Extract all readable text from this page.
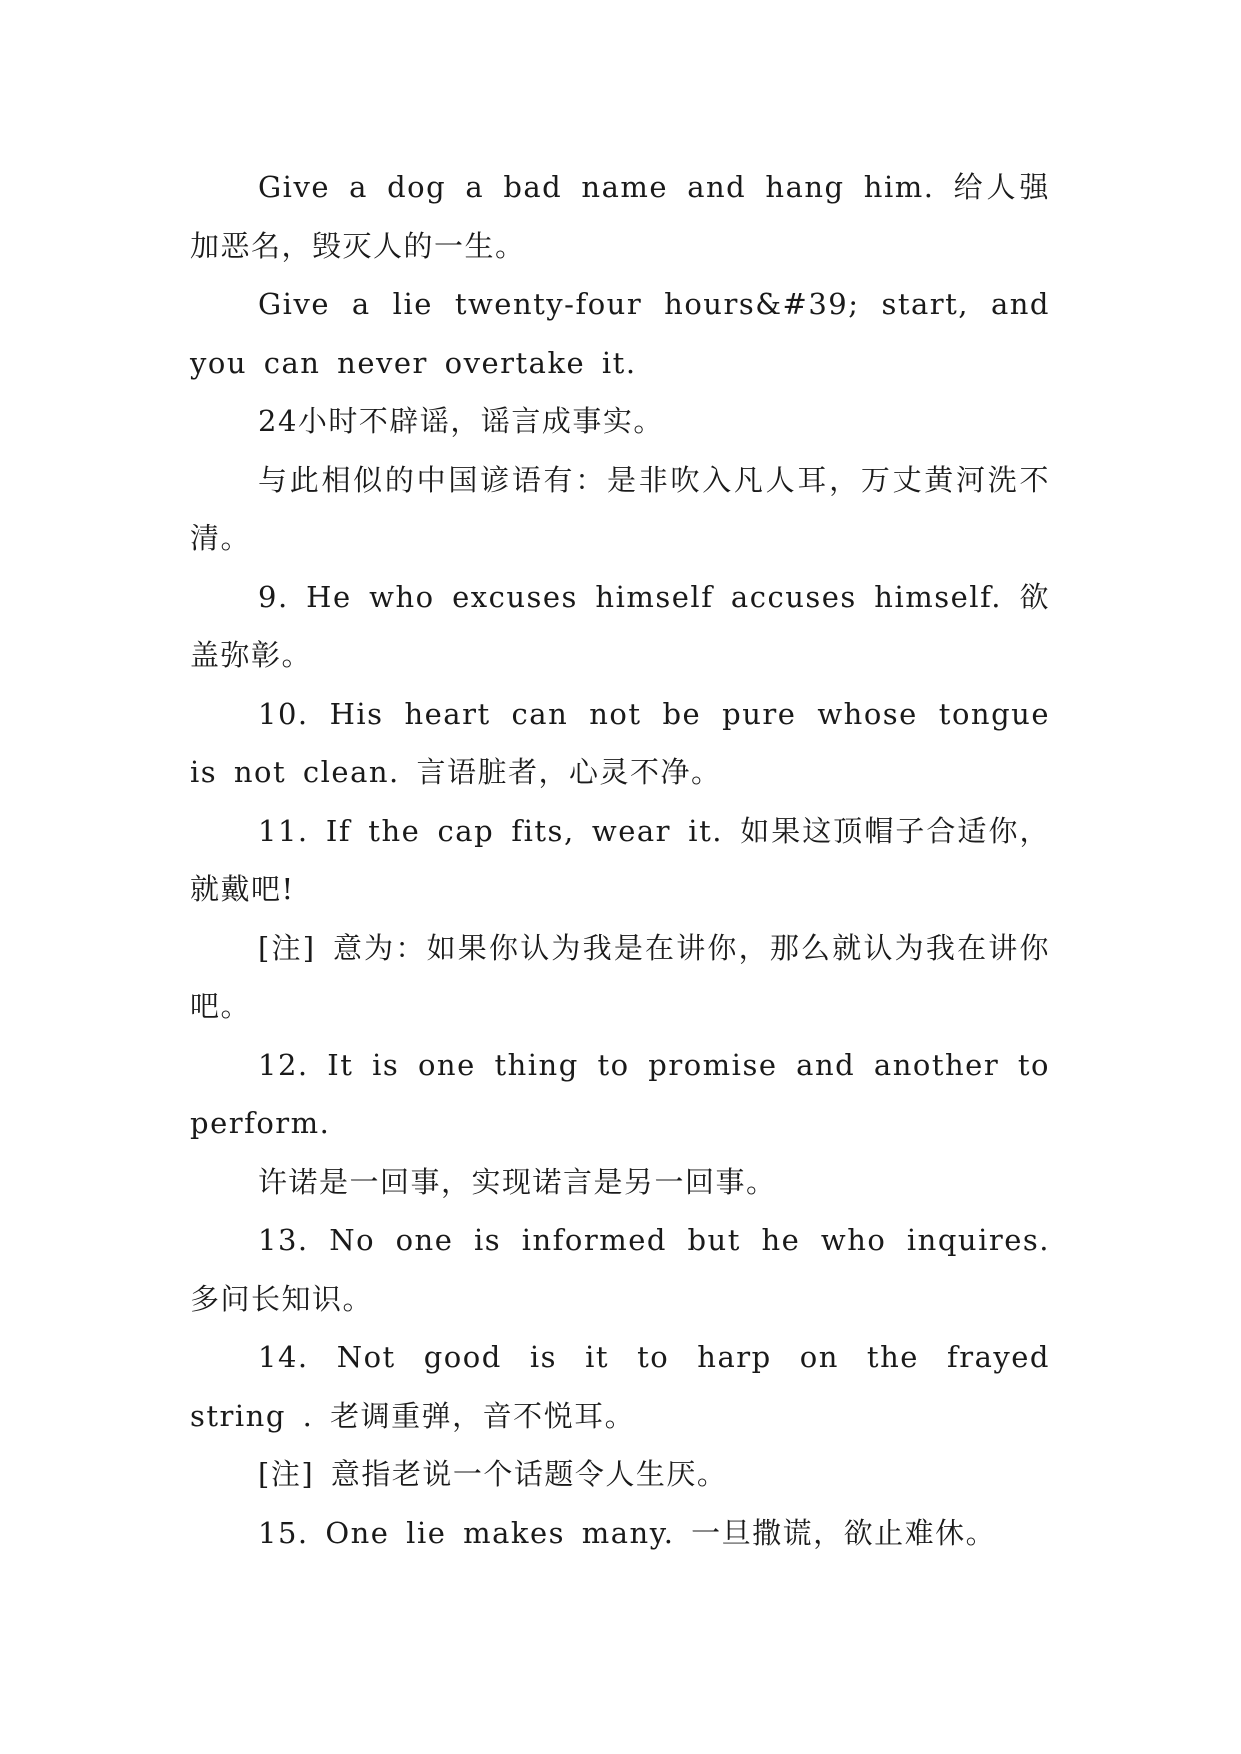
Give a dog a bad name and hang him. 给人强加恶名，毁灭人的一生。

Give a lie twenty-four hours&#39; start, and you can never overtake it.

24小时不辟谣，谣言成事实。

与此相似的中国谚语有：是非吹入凡人耳，万丈黄河洗不清。

9. He who excuses himself accuses himself. 欲盖弥彰。

10. His heart can not be pure whose tongue is not clean. 言语脏者，心灵不净。

11. If the cap fits, wear it. 如果这顶帽子合适你，就戴吧!

[注] 意为：如果你认为我是在讲你，那么就认为我在讲你吧。

12. It is one thing to promise and another to perform.

许诺是一回事，实现诺言是另一回事。

13. No one is informed but he who inquires. 多问长知识。

14. Not good is it to harp on the frayed string . 老调重弹，音不悦耳。

[注] 意指老说一个话题令人生厌。

15. One lie makes many. 一旦撒谎，欲止难休。
